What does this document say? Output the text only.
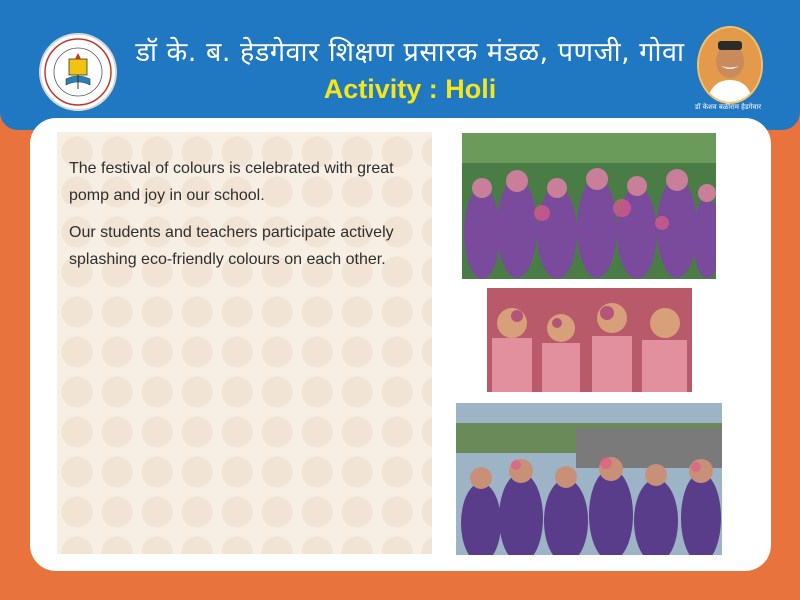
डॉ के. ब. हेडगेवार शिक्षण प्रसारक मंडळ, पणजी, गोवा
Activity : Holi
डॉ केशव बळीराम हेडगेवार

The festival of colours is celebrated with great pomp and joy in our school.

Our students and teachers participate actively splashing eco-friendly colours on each other.
